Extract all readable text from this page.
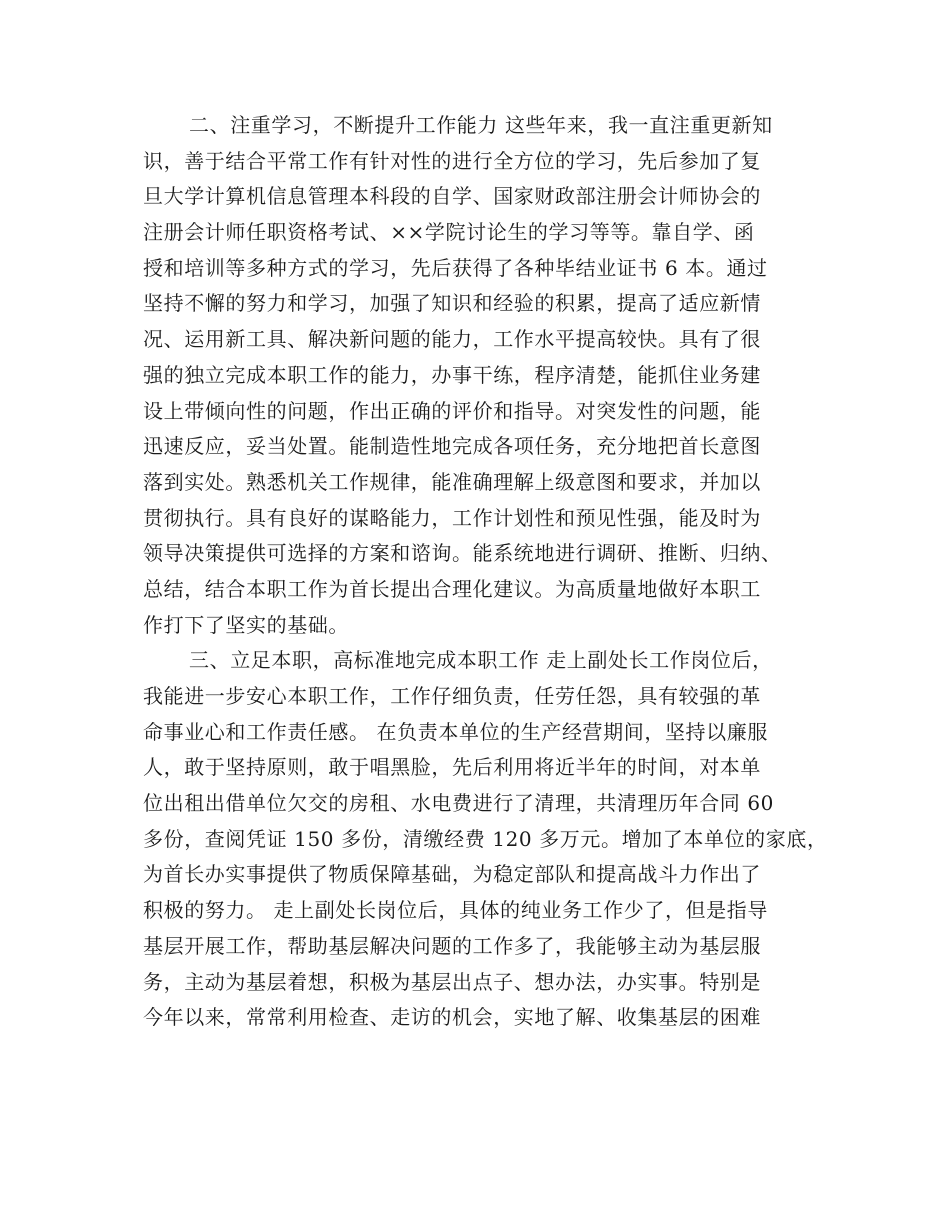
二、注重学习，不断提升工作能力 这些年来，我一直注重更新知
识，善于结合平常工作有针对性的进行全方位的学习，先后参加了复
旦大学计算机信息管理本科段的自学、国家财政部注册会计师协会的
注册会计师任职资格考试、××学院讨论生的学习等等。靠自学、函
授和培训等多种方式的学习，先后获得了各种毕结业证书 6 本。通过
坚持不懈的努力和学习，加强了知识和经验的积累，提高了适应新情
况、运用新工具、解决新问题的能力，工作水平提高较快。具有了很
强的独立完成本职工作的能力，办事干练，程序清楚，能抓住业务建
设上带倾向性的问题，作出正确的评价和指导。对突发性的问题，能
迅速反应，妥当处置。能制造性地完成各项任务，充分地把首长意图
落到实处。熟悉机关工作规律，能准确理解上级意图和要求，并加以
贯彻执行。具有良好的谋略能力，工作计划性和预见性强，能及时为
领导决策提供可选择的方案和谘询。能系统地进行调研、推断、归纳、
总结，结合本职工作为首长提出合理化建议。为高质量地做好本职工
作打下了坚实的基础。
三、立足本职，高标准地完成本职工作 走上副处长工作岗位后，
我能进一步安心本职工作，工作仔细负责，任劳任怨，具有较强的革
命事业心和工作责任感。 在负责本单位的生产经营期间，坚持以廉服
人，敢于坚持原则，敢于唱黑脸，先后利用将近半年的时间，对本单
位出租出借单位欠交的房租、水电费进行了清理，共清理历年合同 60
多份，查阅凭证 150 多份，清缴经费 120 多万元。增加了本单位的家底，
为首长办实事提供了物质保障基础，为稳定部队和提高战斗力作出了
积极的努力。 走上副处长岗位后，具体的纯业务工作少了，但是指导
基层开展工作，帮助基层解决问题的工作多了，我能够主动为基层服
务，主动为基层着想，积极为基层出点子、想办法，办实事。特别是
今年以来，常常利用检查、走访的机会，实地了解、收集基层的困难
